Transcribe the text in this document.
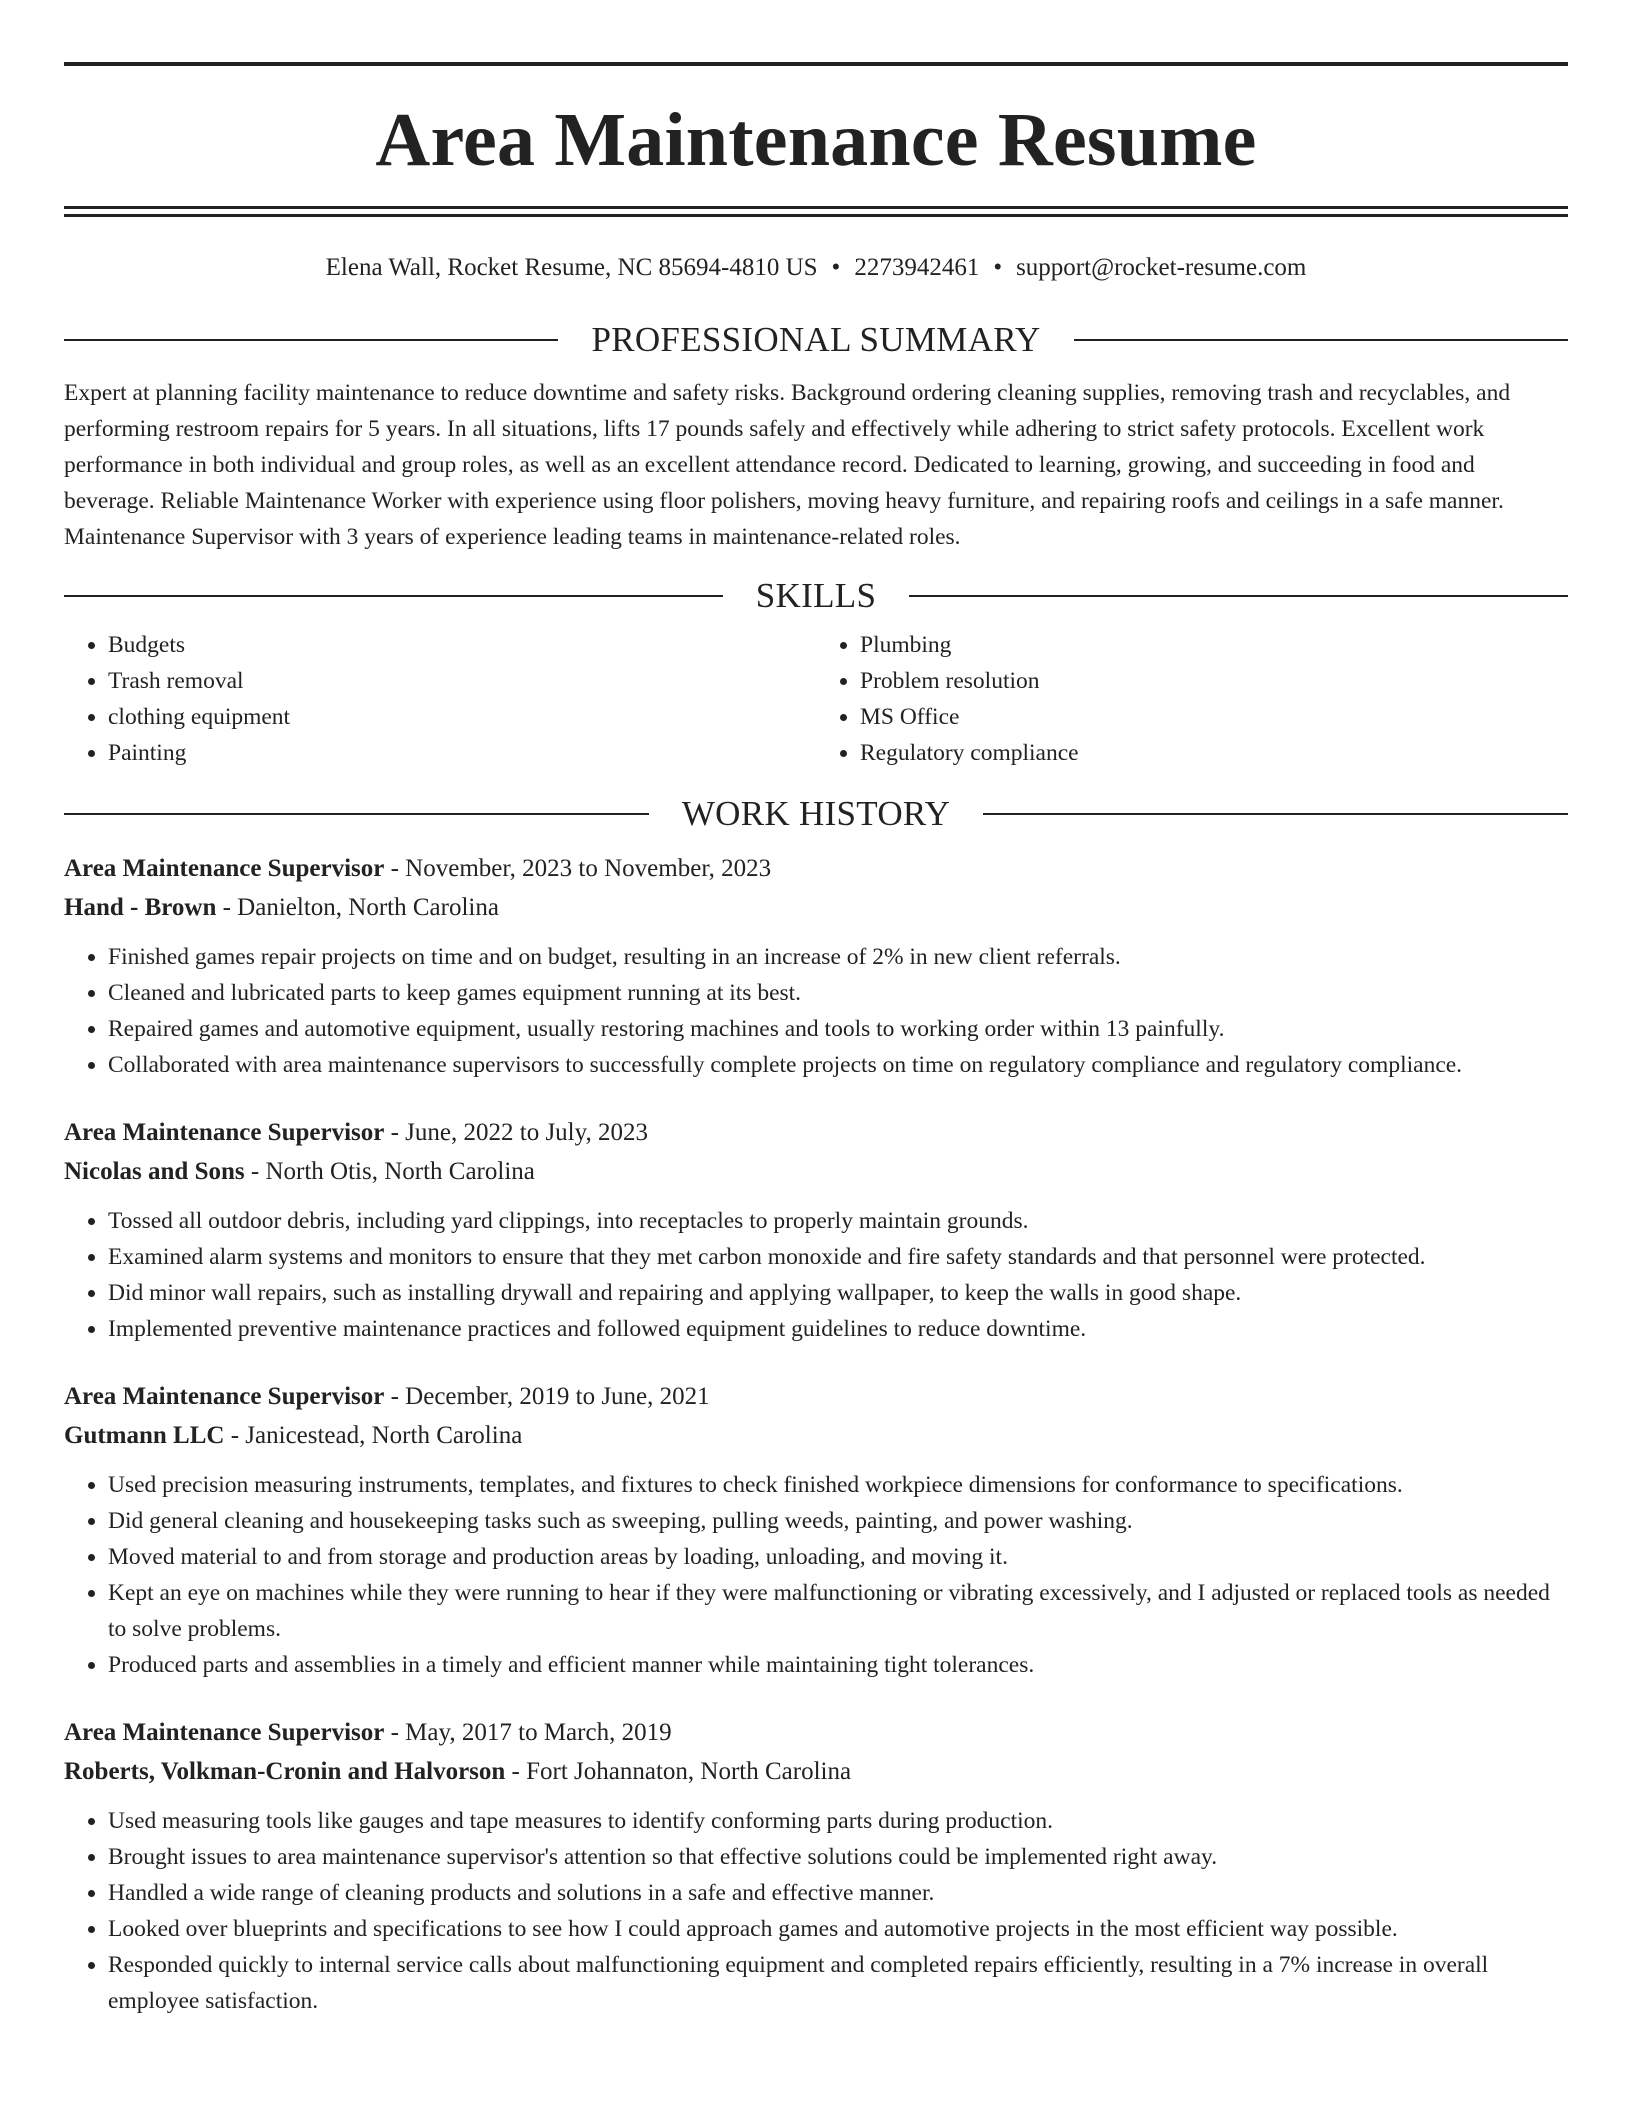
Area Maintenance Resume
Elena Wall, Rocket Resume, NC 85694-4810 US • 2273942461 • support@rocket-resume.com
PROFESSIONAL SUMMARY

Expert at planning facility maintenance to reduce downtime and safety risks. Background ordering cleaning supplies, removing trash and recyclables, and performing restroom repairs for 5 years. In all situations, lifts 17 pounds safely and effectively while adhering to strict safety protocols. Excellent work performance in both individual and group roles, as well as an excellent attendance record. Dedicated to learning, growing, and succeeding in food and beverage. Reliable Maintenance Worker with experience using floor polishers, moving heavy furniture, and repairing roofs and ceilings in a safe manner. Maintenance Supervisor with 3 years of experience leading teams in maintenance-related roles.

SKILLS
• Budgets
• Trash removal
• clothing equipment
• Painting
• Plumbing
• Problem resolution
• MS Office
• Regulatory compliance
WORK HISTORY
Area Maintenance Supervisor - November, 2023 to November, 2023
Hand - Brown - Danielton, North Carolina
• Finished games repair projects on time and on budget, resulting in an increase of 2% in new client referrals.
• Cleaned and lubricated parts to keep games equipment running at its best.
• Repaired games and automotive equipment, usually restoring machines and tools to working order within 13 painfully.
• Collaborated with area maintenance supervisors to successfully complete projects on time on regulatory compliance and regulatory compliance.
Area Maintenance Supervisor - June, 2022 to July, 2023
Nicolas and Sons - North Otis, North Carolina
• Tossed all outdoor debris, including yard clippings, into receptacles to properly maintain grounds.
• Examined alarm systems and monitors to ensure that they met carbon monoxide and fire safety standards and that personnel were protected.
• Did minor wall repairs, such as installing drywall and repairing and applying wallpaper, to keep the walls in good shape.
• Implemented preventive maintenance practices and followed equipment guidelines to reduce downtime.
Area Maintenance Supervisor - December, 2019 to June, 2021
Gutmann LLC - Janicestead, North Carolina
• Used precision measuring instruments, templates, and fixtures to check finished workpiece dimensions for conformance to specifications.
• Did general cleaning and housekeeping tasks such as sweeping, pulling weeds, painting, and power washing.
• Moved material to and from storage and production areas by loading, unloading, and moving it.
• Kept an eye on machines while they were running to hear if they were malfunctioning or vibrating excessively, and I adjusted or replaced tools as needed to solve problems.
• Produced parts and assemblies in a timely and efficient manner while maintaining tight tolerances.
Area Maintenance Supervisor - May, 2017 to March, 2019
Roberts, Volkman-Cronin and Halvorson - Fort Johannaton, North Carolina
• Used measuring tools like gauges and tape measures to identify conforming parts during production.
• Brought issues to area maintenance supervisor's attention so that effective solutions could be implemented right away.
• Handled a wide range of cleaning products and solutions in a safe and effective manner.
• Looked over blueprints and specifications to see how I could approach games and automotive projects in the most efficient way possible.
• Responded quickly to internal service calls about malfunctioning equipment and completed repairs efficiently, resulting in a 7% increase in overall employee satisfaction.
